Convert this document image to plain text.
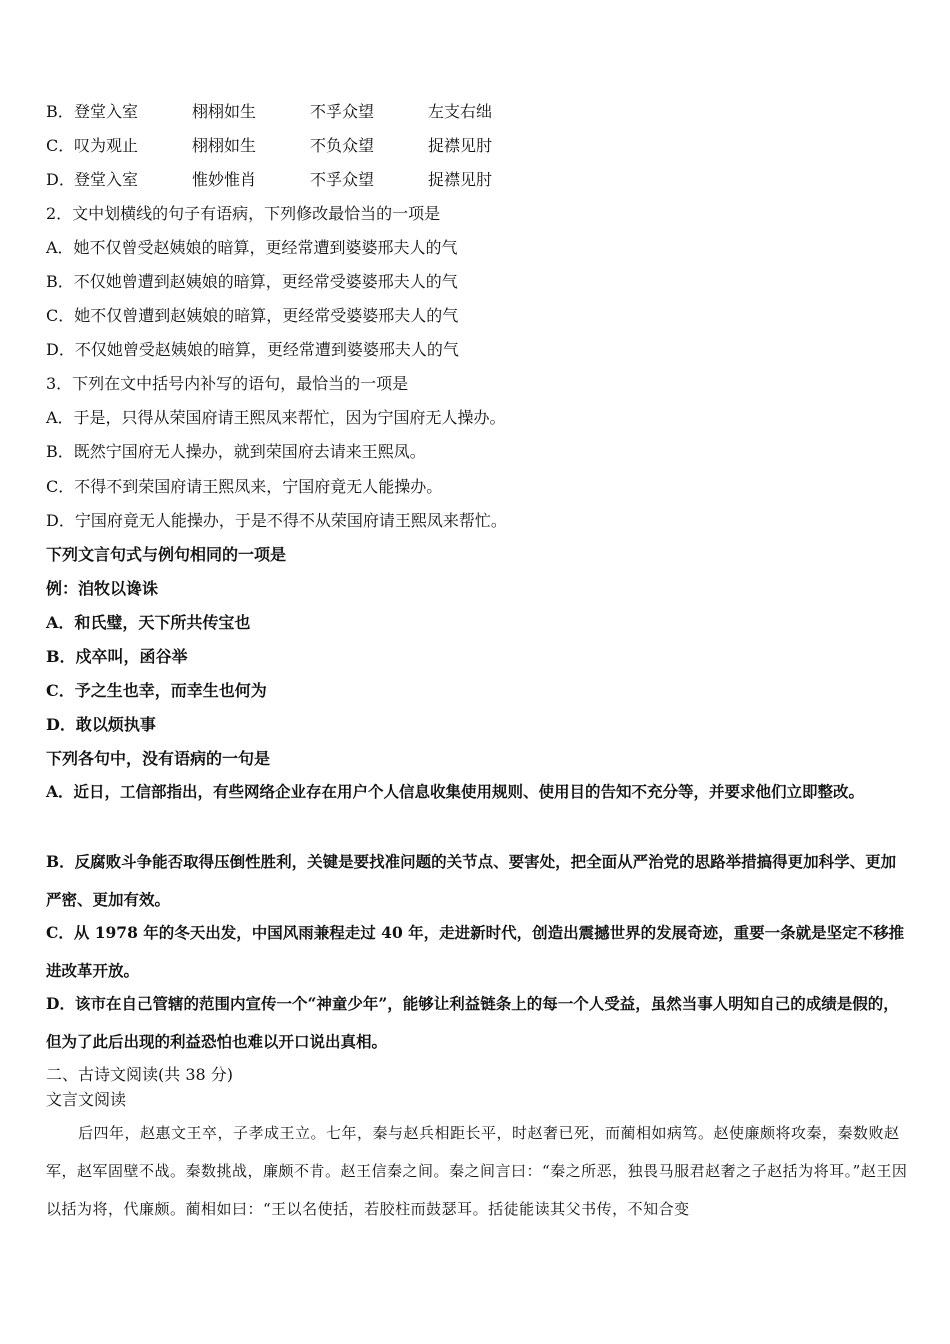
B．登堂入室	栩栩如生	不孚众望	左支右绌
C．叹为观止	栩栩如生	不负众望	捉襟见肘
D．登堂入室	惟妙惟肖	不孚众望	捉襟见肘
2．文中划横线的句子有语病，下列修改最恰当的一项是
A．她不仅曾受赵姨娘的暗算，更经常遭到婆婆邢夫人的气
B．不仅她曾遭到赵姨娘的暗算，更经常受婆婆邢夫人的气
C．她不仅曾遭到赵姨娘的暗算，更经常受婆婆邢夫人的气
D．不仅她曾受赵姨娘的暗算，更经常遭到婆婆邢夫人的气
3．下列在文中括号内补写的语句，最恰当的一项是
A．于是，只得从荣国府请王熙凤来帮忙，因为宁国府无人操办。
B．既然宁国府无人操办，就到荣国府去请来王熙凤。
C．不得不到荣国府请王熙凤来，宁国府竟无人能操办。
D．宁国府竟无人能操办，于是不得不从荣国府请王熙凤来帮忙。
下列文言句式与例句相同的一项是
例：洎牧以谗诛
A．和氏璧，天下所共传宝也
B．戍卒叫，函谷举
C．予之生也幸，而幸生也何为
D．敢以烦执事
下列各句中，没有语病的一句是
A．近日，工信部指出，有些网络企业存在用户个人信息收集使用规则、使用目的告知不充分等，并要求他们立即整改。
B．反腐败斗争能否取得压倒性胜利，关键是要找准问题的关节点、要害处，把全面从严治党的思路举措搞得更加科学、更加严密、更加有效。
C．从 1978 年的冬天出发，中国风雨兼程走过 40 年，走进新时代，创造出震撼世界的发展奇迹，重要一条就是坚定不移推进改革开放。
D．该市在自己管辖的范围内宣传一个“神童少年”，能够让利益链条上的每一个人受益，虽然当事人明知自己的成绩是假的，但为了此后出现的利益恐怕也难以开口说出真相。
二、古诗文阅读(共 38 分)
文言文阅读
后四年，赵惠文王卒，子孝成王立。七年，秦与赵兵相距长平，时赵奢已死，而蔺相如病笃。赵使廉颇将攻秦，秦数败赵军，赵军固壁不战。秦数挑战，廉颇不肯。赵王信秦之间。秦之间言曰：“秦之所恶，独畏马服君赵奢之子赵括为将耳。”赵王因以括为将，代廉颇。蔺相如曰：“王以名使括，若胶柱而鼓瑟耳。括徒能读其父书传，不知合变
